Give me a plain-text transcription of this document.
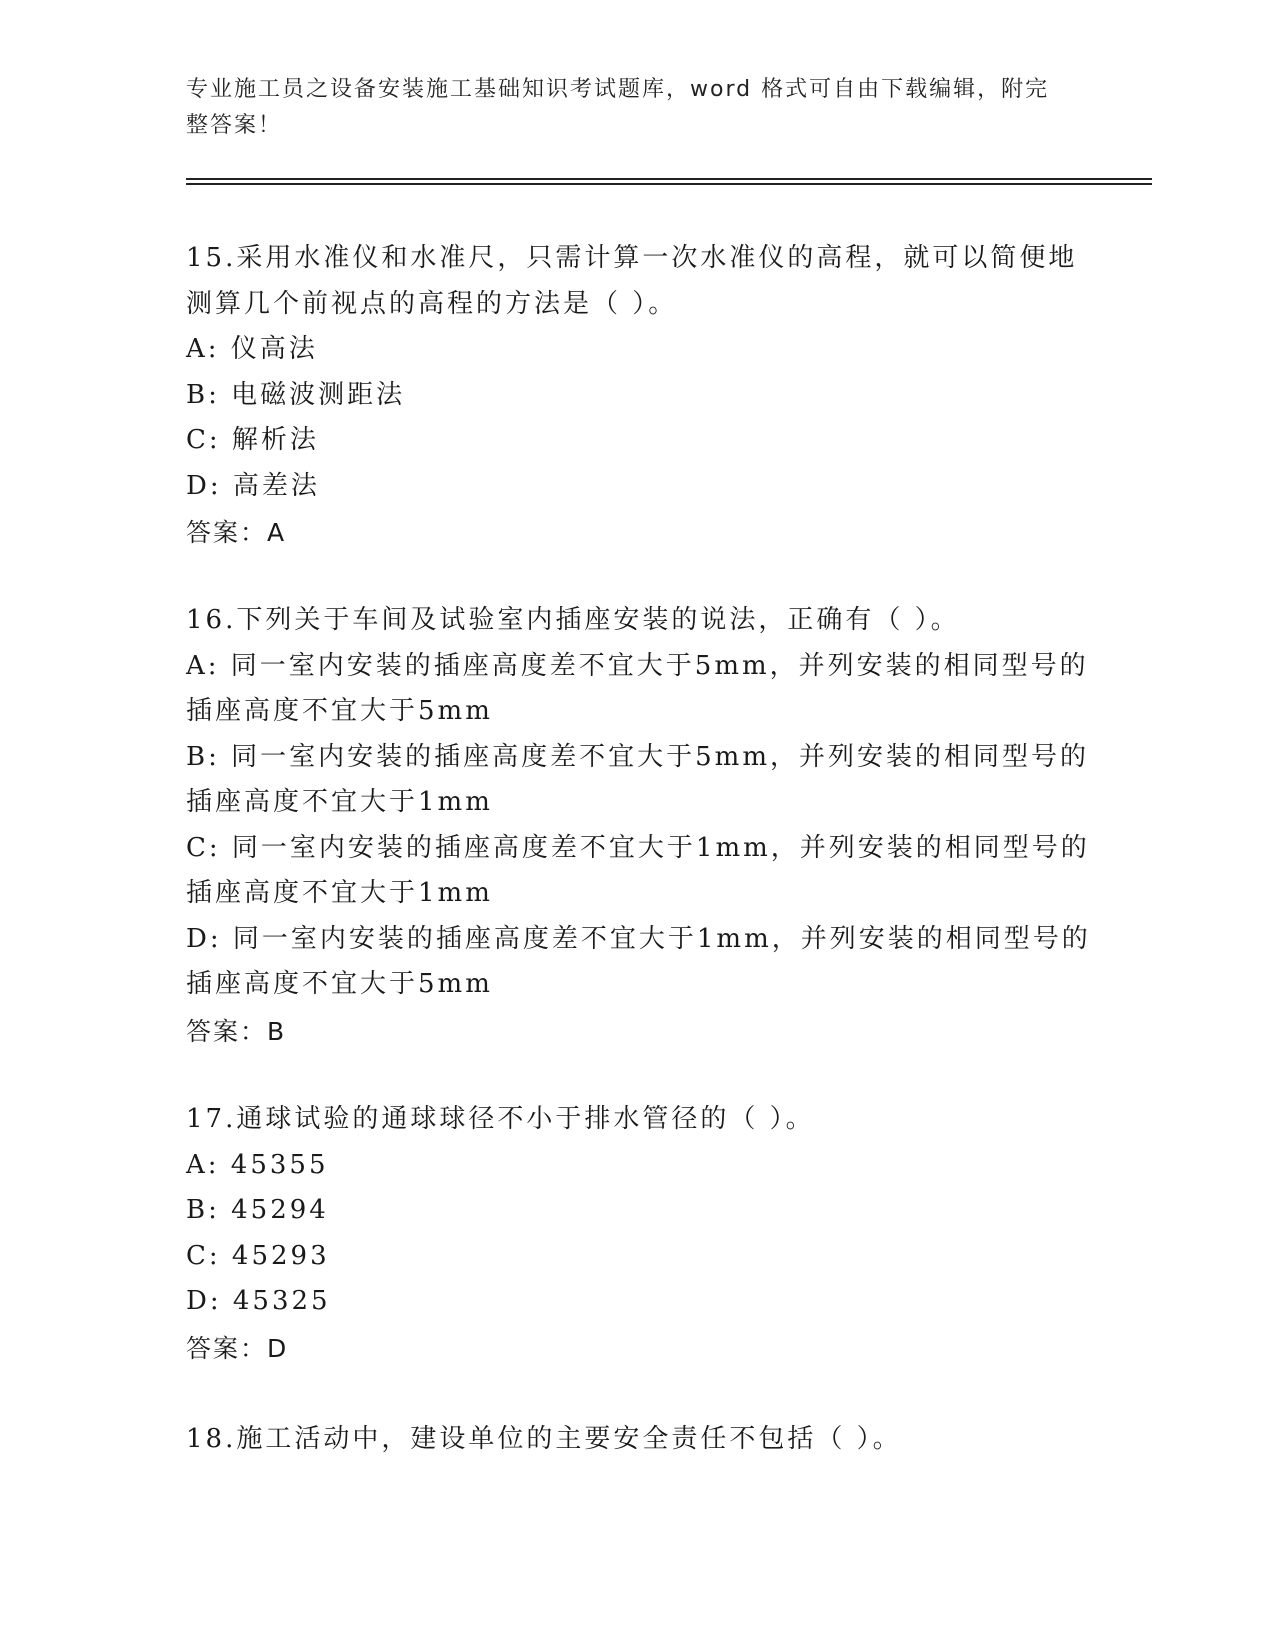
专业施工员之设备安装施工基础知识考试题库，word 格式可自由下载编辑，附完
整答案！
15.采用水准仪和水准尺，只需计算一次水准仪的高程，就可以简便地
测算几个前视点的高程的方法是（ ）。
A: 仪高法
B: 电磁波测距法
C: 解析法
D: 高差法
答案：A
16.下列关于车间及试验室内插座安装的说法，正确有（ ）。
A: 同一室内安装的插座高度差不宜大于5mm，并列安装的相同型号的
插座高度不宜大于5mm
B: 同一室内安装的插座高度差不宜大于5mm，并列安装的相同型号的
插座高度不宜大于1mm
C: 同一室内安装的插座高度差不宜大于1mm，并列安装的相同型号的
插座高度不宜大于1mm
D: 同一室内安装的插座高度差不宜大于1mm，并列安装的相同型号的
插座高度不宜大于5mm
答案：B
17.通球试验的通球球径不小于排水管径的（ ）。
A: 45355
B: 45294
C: 45293
D: 45325
答案：D
18.施工活动中，建设单位的主要安全责任不包括（ ）。
